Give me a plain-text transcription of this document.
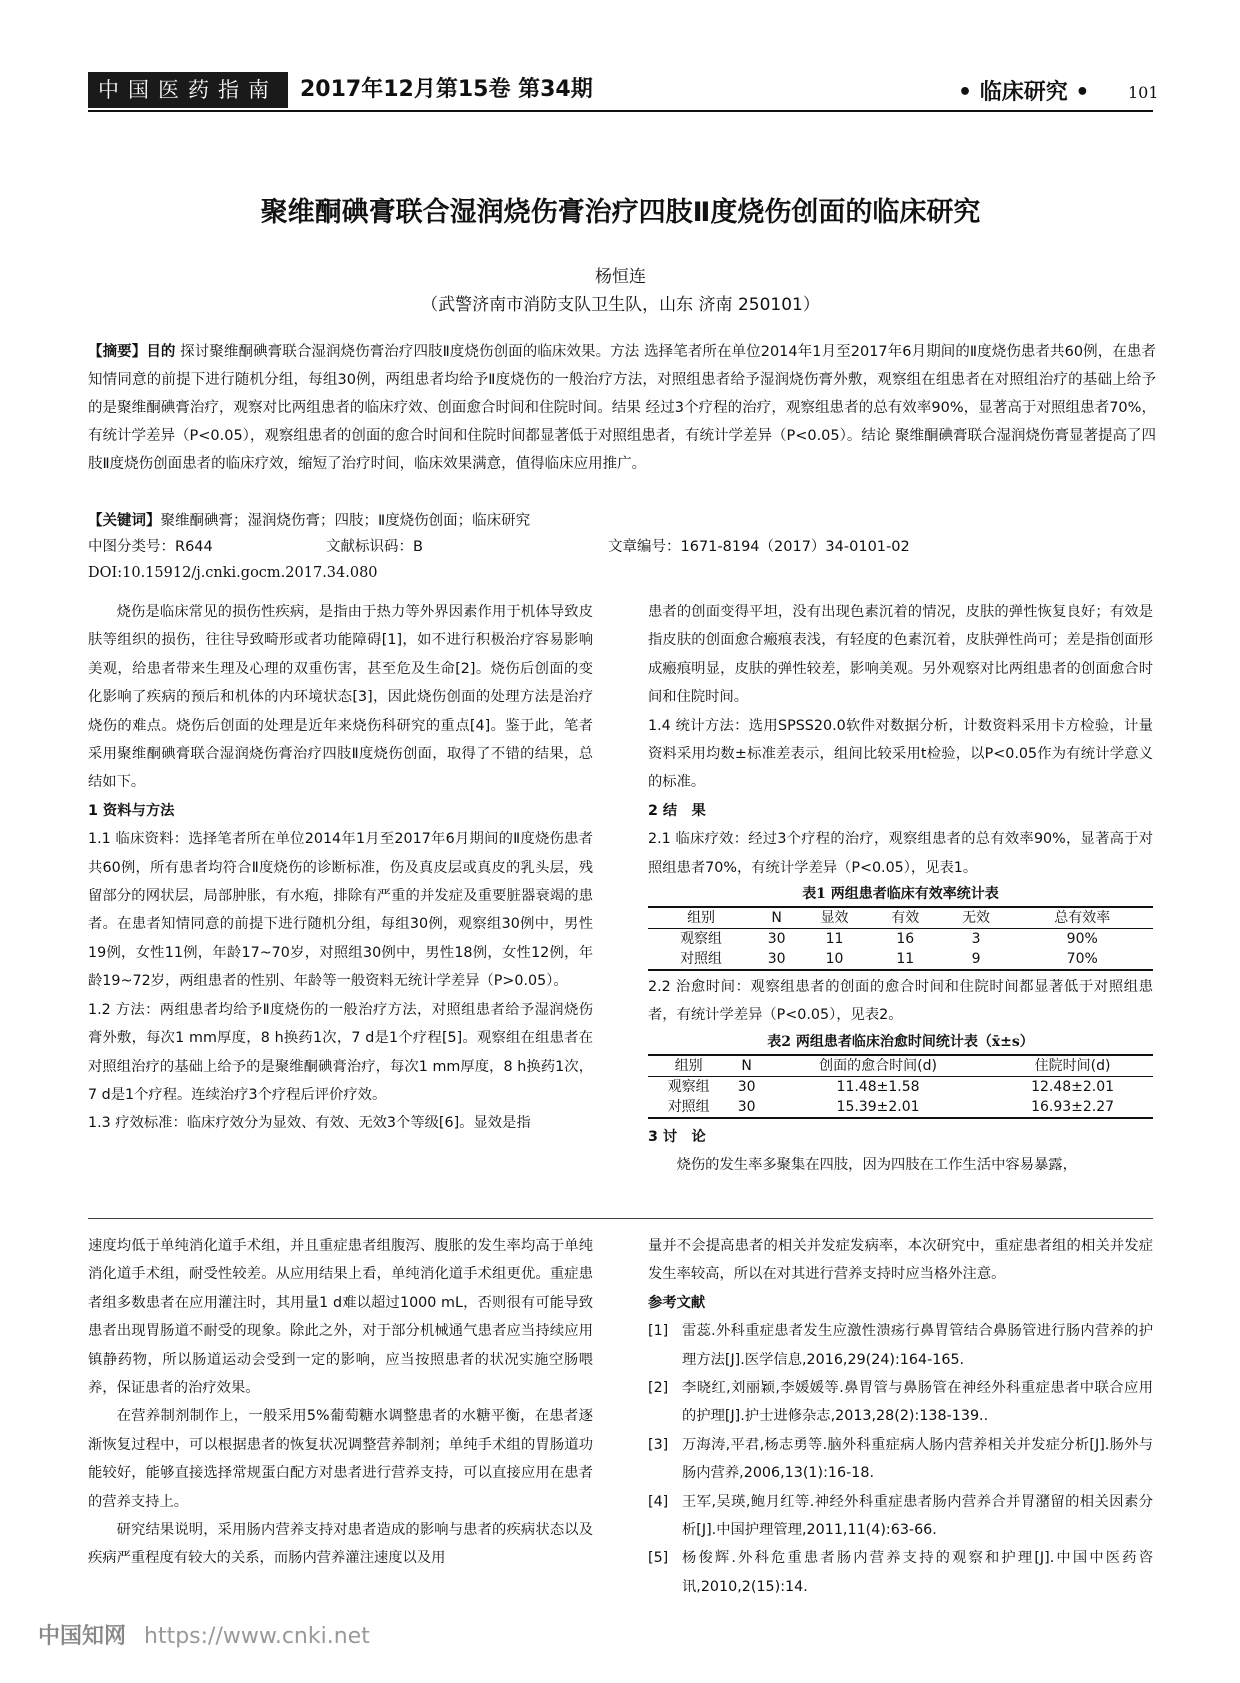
中国医药指南	2017年12月第15卷 第34期	• 临床研究 • 101
聚维酮碘膏联合湿润烧伤膏治疗四肢Ⅱ度烧伤创面的临床研究
杨恒连
（武警济南市消防支队卫生队，山东 济南 250101）
【摘要】目的 探讨聚维酮碘膏联合湿润烧伤膏治疗四肢Ⅱ度烧伤创面的临床效果。方法 选择笔者所在单位2014年1月至2017年6月期间的Ⅱ度烧伤患者共60例，在患者知情同意的前提下进行随机分组，每组30例，两组患者均给予Ⅱ度烧伤的一般治疗方法，对照组患者给予湿润烧伤膏外敷，观察组在组患者在对照组治疗的基础上给予的是聚维酮碘膏治疗，观察对比两组患者的临床疗效、创面愈合时间和住院时间。结果 经过3个疗程的治疗，观察组患者的总有效率90%，显著高于对照组患者70%，有统计学差异（P<0.05），观察组患者的创面的愈合时间和住院时间都显著低于对照组患者，有统计学差异（P<0.05）。结论 聚维酮碘膏联合湿润烧伤膏显著提高了四肢Ⅱ度烧伤创面患者的临床疗效，缩短了治疗时间，临床效果满意，值得临床应用推广。
【关键词】聚维酮碘膏；湿润烧伤膏；四肢；Ⅱ度烧伤创面；临床研究
中图分类号：R644	文献标识码：B	文章编号：1671-8194（2017）34-0101-02
DOI:10.15912/j.cnki.gocm.2017.34.080

烧伤是临床常见的损伤性疾病，是指由于热力等外界因素作用于机体导致皮肤等组织的损伤，往往导致畸形或者功能障碍[1]，如不进行积极治疗容易影响美观，给患者带来生理及心理的双重伤害，甚至危及生命[2]。烧伤后创面的变化影响了疾病的预后和机体的内环境状态[3]，因此烧伤创面的处理方法是治疗烧伤的难点。烧伤后创面的处理是近年来烧伤科研究的重点[4]。鉴于此，笔者采用聚维酮碘膏联合湿润烧伤膏治疗四肢Ⅱ度烧伤创面，取得了不错的结果，总结如下。

1 资料与方法

1.1 临床资料：选择笔者所在单位2014年1月至2017年6月期间的Ⅱ度烧伤患者共60例，所有患者均符合Ⅱ度烧伤的诊断标准，伤及真皮层或真皮的乳头层，残留部分的网状层，局部肿胀，有水疱，排除有严重的并发症及重要脏器衰竭的患者。在患者知情同意的前提下进行随机分组，每组30例，观察组30例中，男性19例，女性11例，年龄17~70岁，对照组30例中，男性18例，女性12例，年龄19~72岁，两组患者的性别、年龄等一般资料无统计学差异（P>0.05）。

1.2 方法：两组患者均给予Ⅱ度烧伤的一般治疗方法，对照组患者给予湿润烧伤膏外敷，每次1 mm厚度，8 h换药1次，7 d是1个疗程[5]。观察组在组患者在对照组治疗的基础上给予的是聚维酮碘膏治疗，每次1 mm厚度，8 h换药1次，7 d是1个疗程。连续治疗3个疗程后评价疗效。

1.3 疗效标准：临床疗效分为显效、有效、无效3个等级[6]。显效是指

患者的创面变得平坦，没有出现色素沉着的情况，皮肤的弹性恢复良好；有效是指皮肤的创面愈合瘢痕表浅，有轻度的色素沉着，皮肤弹性尚可；差是指创面形成瘢痕明显，皮肤的弹性较差，影响美观。另外观察对比两组患者的创面愈合时间和住院时间。

1.4 统计方法：选用SPSS20.0软件对数据分析，计数资料采用卡方检验，计量资料采用均数±标准差表示，组间比较采用t检验，以P<0.05作为有统计学意义的标准。

2 结　果

2.1 临床疗效：经过3个疗程的治疗，观察组患者的总有效率90%，显著高于对照组患者70%，有统计学差异（P<0.05），见表1。

表1 两组患者临床有效率统计表
组别	N	显效	有效	无效	总有效率
观察组	30	11	16	3	90%
对照组	30	10	11	9	70%

2.2 治愈时间：观察组患者的创面的愈合时间和住院时间都显著低于对照组患者，有统计学差异（P<0.05），见表2。

表2 两组患者临床治愈时间统计表（x̄±s）
组别	N	创面的愈合时间(d)	住院时间(d)
观察组	30	11.48±1.58	12.48±2.01
对照组	30	15.39±2.01	16.93±2.27

3 讨　论

烧伤的发生率多聚集在四肢，因为四肢在工作生活中容易暴露，

速度均低于单纯消化道手术组，并且重症患者组腹泻、腹胀的发生率均高于单纯消化道手术组，耐受性较差。从应用结果上看，单纯消化道手术组更优。重症患者组多数患者在应用灌注时，其用量1 d难以超过1000 mL，否则很有可能导致患者出现胃肠道不耐受的现象。除此之外，对于部分机械通气患者应当持续应用镇静药物，所以肠道运动会受到一定的影响，应当按照患者的状况实施空肠喂养，保证患者的治疗效果。

在营养制剂制作上，一般采用5%葡萄糖水调整患者的水糖平衡，在患者逐渐恢复过程中，可以根据患者的恢复状况调整营养制剂；单纯手术组的胃肠道功能较好，能够直接选择常规蛋白配方对患者进行营养支持，可以直接应用在患者的营养支持上。

研究结果说明，采用肠内营养支持对患者造成的影响与患者的疾病状态以及疾病严重程度有较大的关系，而肠内营养灌注速度以及用

量并不会提高患者的相关并发症发病率，本次研究中，重症患者组的相关并发症发生率较高，所以在对其进行营养支持时应当格外注意。

参考文献

[1] 雷蕊.外科重症患者发生应激性溃疡行鼻胃管结合鼻肠管进行肠内营养的护理方法[J].医学信息,2016,29(24):164-165.
[2] 李晓红,刘丽颖,李媛媛等.鼻胃管与鼻肠管在神经外科重症患者中联合应用的护理[J].护士进修杂志,2013,28(2):138-139..
[3] 万海涛,平君,杨志勇等.脑外科重症病人肠内营养相关并发症分析[J].肠外与肠内营养,2006,13(1):16-18.
[4] 王军,吴瑛,鲍月红等.神经外科重症患者肠内营养合并胃潴留的相关因素分析[J].中国护理管理,2011,11(4):63-66.
[5] 杨俊辉.外科危重患者肠内营养支持的观察和护理[J].中国中医药咨讯,2010,2(15):14.
中国知网 https://www.cnki.net
